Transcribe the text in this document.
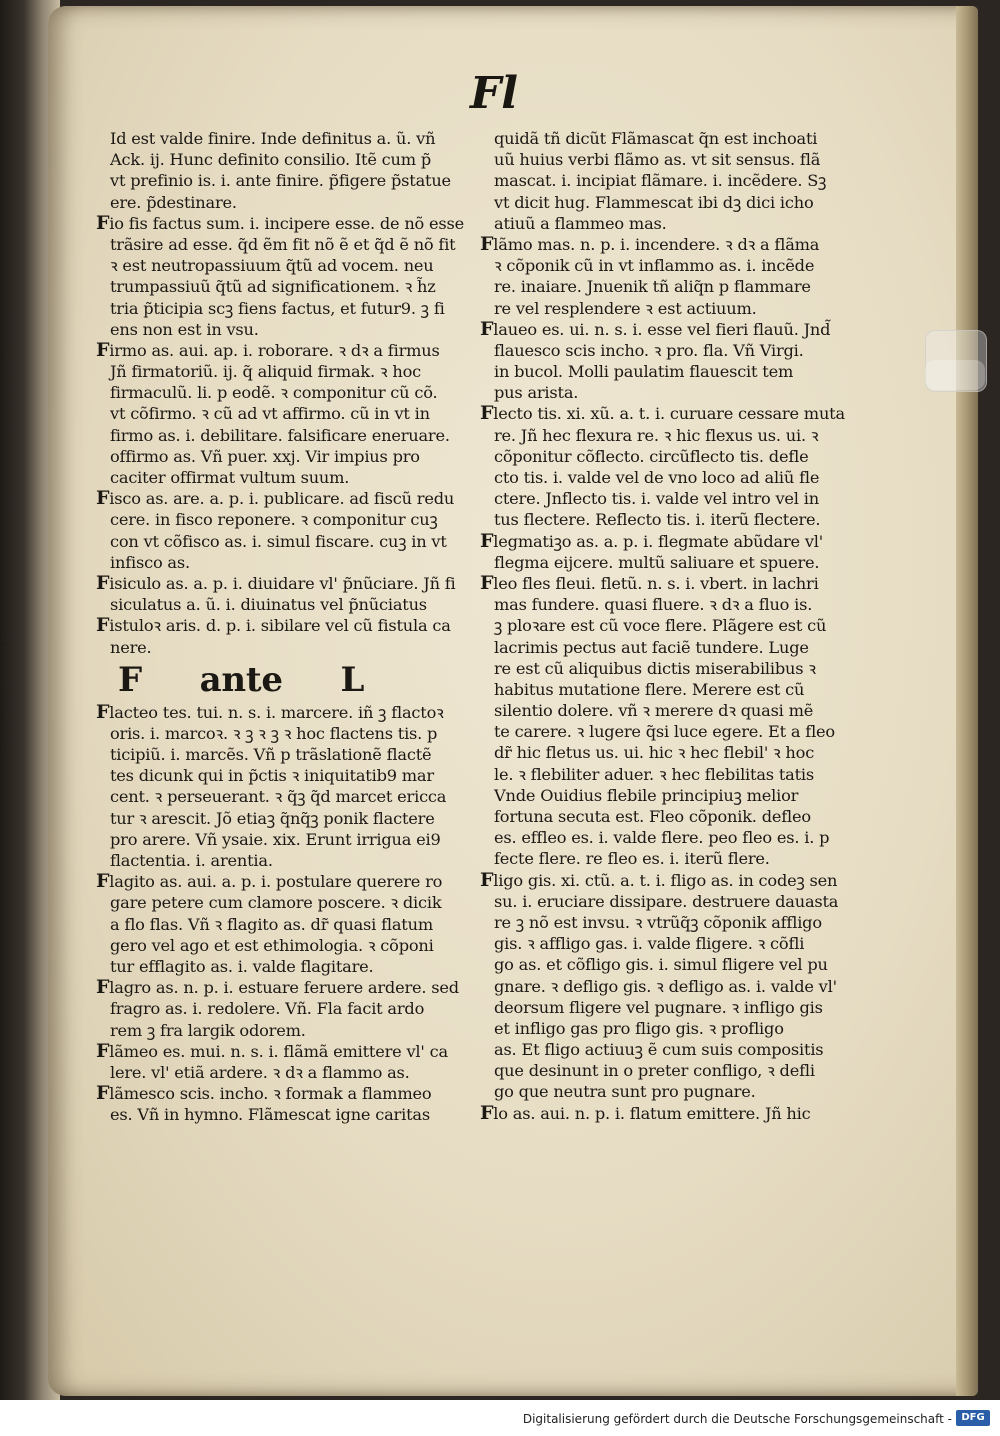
Ildefonsus libro de illis itaque ... fidiis ... adiuctor ... ideo ... facies ... sedandum
Fl
Id est valde finire. Inde definitus a. ũ. vñ
Ack. ij. Hunc definito consilio. Itẽ cum p̃
vt prefinio is. i. ante finire. p̃figere p̃statue
ere. p̃destinare.
Fio fis factus sum. i. incipere esse. de nõ esse
trãsire ad esse. q̃d ẽm fit nõ ẽ et q̃d ẽ nõ fit
ꝛ est neutropassiuum q̃tũ ad vocem. neu
trumpassiuũ q̃tũ ad significationem. ꝛ h̃z
tria p̃ticipia scꝫ fiens factus, et futur9. ꝫ fi
ens non est in vsu.
Firmo as. aui. ap. i. roborare. ꝛ dꝛ a firmus
Jñ firmatoriũ. ij. q̃ aliquid firmak. ꝛ hoc
firmaculũ. li. p eodẽ. ꝛ componitur cũ cõ.
vt cõfirmo. ꝛ cũ ad vt affirmo. cũ in vt in
firmo as. i. debilitare. falsificare eneruare.
offirmo as. Vñ puer. xxj. Vir impius pro
caciter offirmat vultum suum.
Fisco as. are. a. p. i. publicare. ad fiscũ redu
cere. in fisco reponere. ꝛ componitur cuꝫ
con vt cõfisco as. i. simul fiscare. cuꝫ in vt
infisco as.
Fisiculo as. a. p. i. diuidare vl' p̃nũciare. Jñ fi
siculatus a. ũ. i. diuinatus vel p̃nũciatus
Fistuloꝛ aris. d. p. i. sibilare vel cũ fistula ca
nere.
F ante L
Flacteo tes. tui. n. s. i. marcere. iñ ꝫ flactoꝛ
oris. i. marcoꝛ. ꝛ ꝫ ꝛ ꝫ ꝛ hoc flactens tis. p
ticipiũ. i. marcẽs. Vñ p trãslationẽ flactẽ
tes dicunk qui in p̃ctis ꝛ iniquitatib9 mar
cent. ꝛ perseuerant. ꝛ q̃ꝫ q̃d marcet ericca
tur ꝛ arescit. Jõ etiaꝫ q̃nq̃ꝫ ponik flactere
pro arere. Vñ ysaie. xix. Erunt irrigua ei9
flactentia. i. arentia.
Flagito as. aui. a. p. i. postulare querere ro
gare petere cum clamore poscere. ꝛ dicik
a flo flas. Vñ ꝛ flagito as. dr̃ quasi flatum
gero vel ago et est ethimologia. ꝛ cõponi
tur efflagito as. i. valde flagitare.
Flagro as. n. p. i. estuare feruere ardere. sed
fragro as. i. redolere. Vñ. Fla facit ardo
rem ꝫ fra largik odorem.
Flãmeo es. mui. n. s. i. flãmã emittere vl' ca
lere. vl' etiã ardere. ꝛ dꝛ a flammo as.
Flãmesco scis. incho. ꝛ formak a flammeo
es. Vñ in hymno. Flãmescat igne caritas
quidã tñ dicũt Flãmascat q̃n est inchoati
uũ huius verbi flãmo as. vt sit sensus. flã
mascat. i. incipiat flãmare. i. incẽdere. Sꝫ
vt dicit hug. Flammescat ibi dꝫ dici icho
atiuũ a flammeo mas.
Flãmo mas. n. p. i. incendere. ꝛ dꝛ a flãma
ꝛ cõponik cũ in vt inflammo as. i. incẽde
re. inaiare. Jnuenik tñ aliq̃n p flammare
re vel resplendere ꝛ est actiuum.
Flaueo es. ui. n. s. i. esse vel fieri flauũ. Jnd̃
flauesco scis incho. ꝛ pro. fla. Vñ Virgi.
in bucol. Molli paulatim flauescit tem
pus arista.
Flecto tis. xi. xũ. a. t. i. curuare cessare muta
re. Jñ hec flexura re. ꝛ hic flexus us. ui. ꝛ
cõponitur cõflecto. circũflecto tis. defle
cto tis. i. valde vel de vno loco ad aliũ fle
ctere. Jnflecto tis. i. valde vel intro vel in
tus flectere. Reflecto tis. i. iterũ flectere.
Flegmatiꝫo as. a. p. i. flegmate abũdare vl'
flegma eijcere. multũ saliuare et spuere.
Fleo fles fleui. fletũ. n. s. i. vbert. in lachri
mas fundere. quasi fluere. ꝛ dꝛ a fluo is.
ꝫ ploꝛare est cũ voce flere. Plãgere est cũ
lacrimis pectus aut faciẽ tundere. Luge
re est cũ aliquibus dictis miserabilibus ꝛ
habitus mutatione flere. Merere est cũ
silentio dolere. vñ ꝛ merere dꝛ quasi mẽ
te carere. ꝛ lugere q̃si luce egere. Et a fleo
dr̃ hic fletus us. ui. hic ꝛ hec flebil' ꝛ hoc
le. ꝛ flebiliter aduer. ꝛ hec flebilitas tatis
Vnde Ouidius flebile principiuꝫ melior
fortuna secuta est. Fleo cõponik. defleo
es. effleo es. i. valde flere. peo fleo es. i. p
fecte flere. re fleo es. i. iterũ flere.
Fligo gis. xi. ctũ. a. t. i. fligo as. in codeꝫ sen
su. i. eruciare dissipare. destruere dauasta
re ꝫ nõ est invsu. ꝛ vtrũq̃ꝫ cõponik affligo
gis. ꝛ affligo gas. i. valde fligere. ꝛ cõfli
go as. et cõfligo gis. i. simul fligere vel pu
gnare. ꝛ defligo gis. ꝛ defligo as. i. valde vl'
deorsum fligere vel pugnare. ꝛ infligo gis
et infligo gas pro fligo gis. ꝛ profligo
as. Et fligo actiuuꝫ ẽ cum suis compositis
que desinunt in o preter confligo, ꝛ defli
go que neutra sunt pro pugnare.
Flo as. aui. n. p. i. flatum emittere. Jñ hic
Digitalisierung gefördert durch die Deutsche Forschungsgemeinschaft - DFG
